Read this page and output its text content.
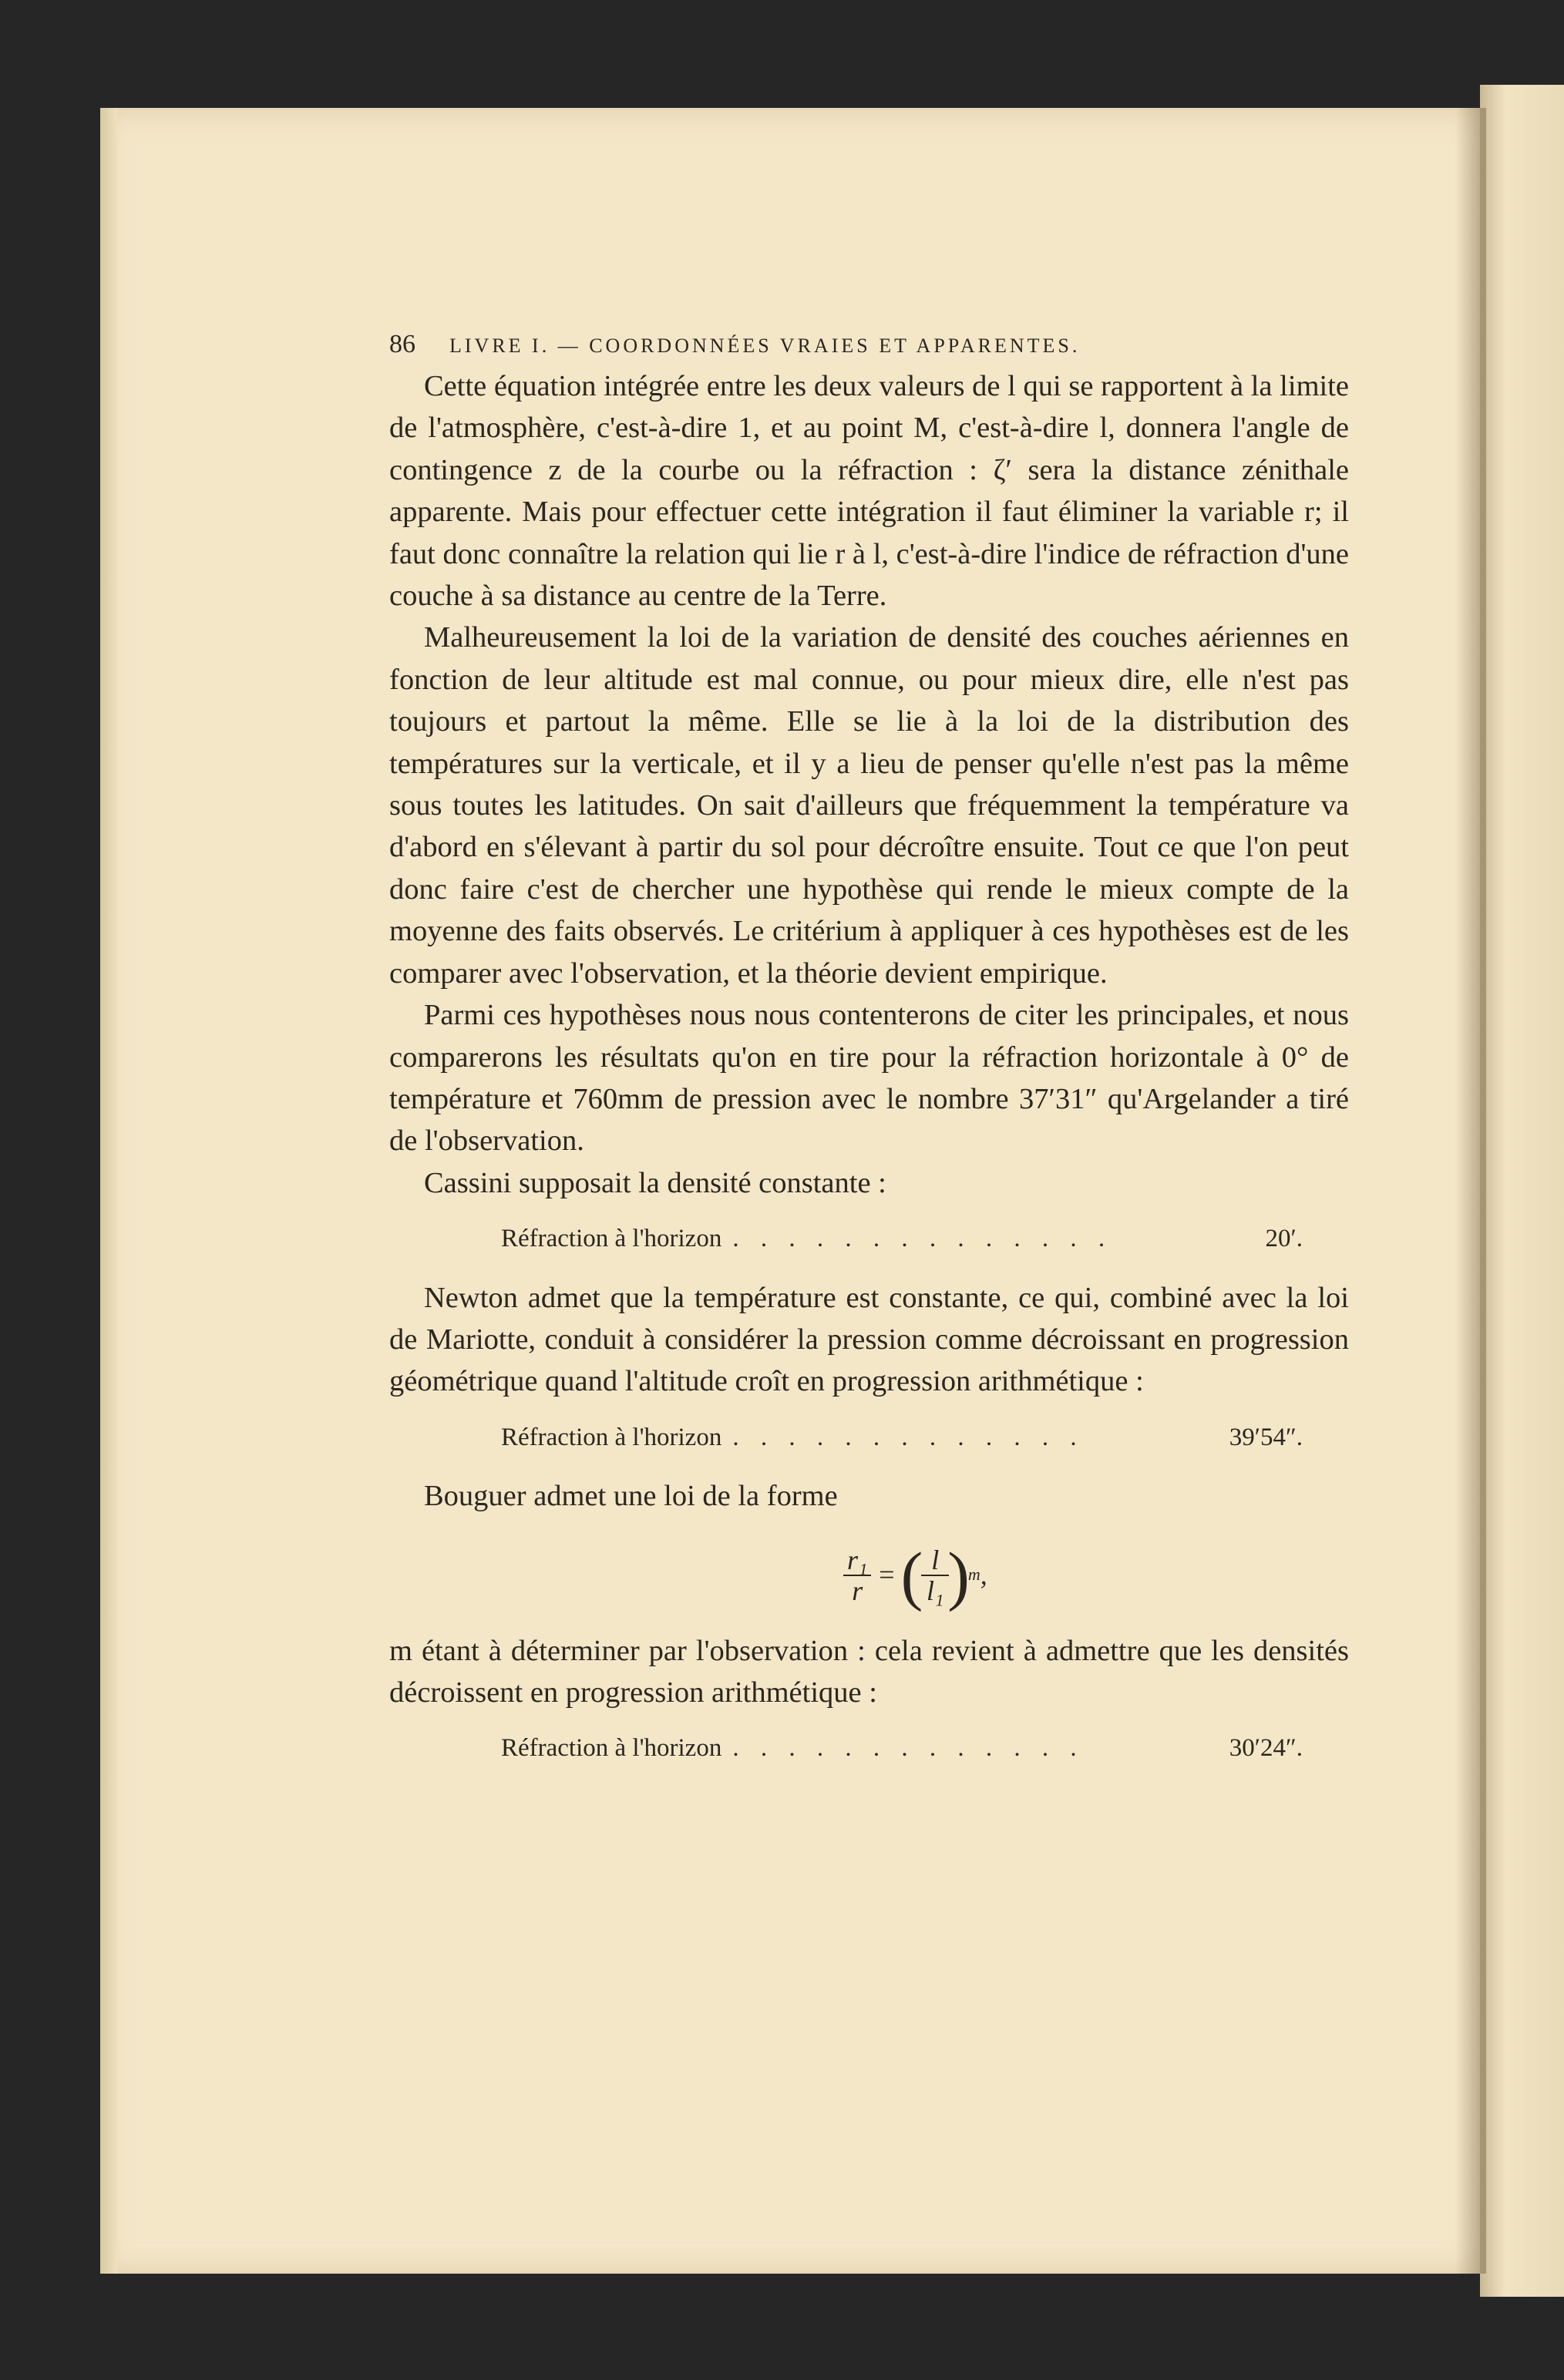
86	LIVRE I. — COORDONNÉES VRAIES ET APPARENTES.

Cette équation intégrée entre les deux valeurs de l qui se rapportent à la limite de l'atmosphère, c'est-à-dire 1, et au point M, c'est-à-dire l, donnera l'angle de contingence z de la courbe ou la réfraction : ζ′ sera la distance zénithale apparente. Mais pour effectuer cette intégration il faut éliminer la variable r; il faut donc connaître la relation qui lie r à l, c'est-à-dire l'indice de réfraction d'une couche à sa distance au centre de la Terre.

Malheureusement la loi de la variation de densité des couches aériennes en fonction de leur altitude est mal connue, ou pour mieux dire, elle n'est pas toujours et partout la même. Elle se lie à la loi de la distribution des températures sur la verticale, et il y a lieu de penser qu'elle n'est pas la même sous toutes les latitudes. On sait d'ailleurs que fréquemment la température va d'abord en s'élevant à partir du sol pour décroître ensuite. Tout ce que l'on peut donc faire c'est de chercher une hypothèse qui rende le mieux compte de la moyenne des faits observés. Le critérium à appliquer à ces hypothèses est de les comparer avec l'observation, et la théorie devient empirique.

Parmi ces hypothèses nous nous contenterons de citer les principales, et nous comparerons les résultats qu'on en tire pour la réfraction horizontale à 0° de température et 760mm de pression avec le nombre 37′31″ qu'Argelander a tiré de l'observation.

Cassini supposait la densité constante :

Réfraction à l'horizon . . . . . . . . . . . . . .	20′.

Newton admet que la température est constante, ce qui, combiné avec la loi de Mariotte, conduit à considérer la pression comme décroissant en progression géométrique quand l'altitude croît en progression arithmétique :

Réfraction à l'horizon . . . . . . . . . . . . .	39′54″.

Bouguer admet une loi de la forme

$\frac{\text{r₁}}{r}$ = (
$\frac{l}{\text{l₁}}$
)
m ,

m étant à déterminer par l'observation : cela revient à admettre que les densités décroissent en progression arithmétique :

Réfraction à l'horizon . . . . . . . . . . . . .	30′24″.
